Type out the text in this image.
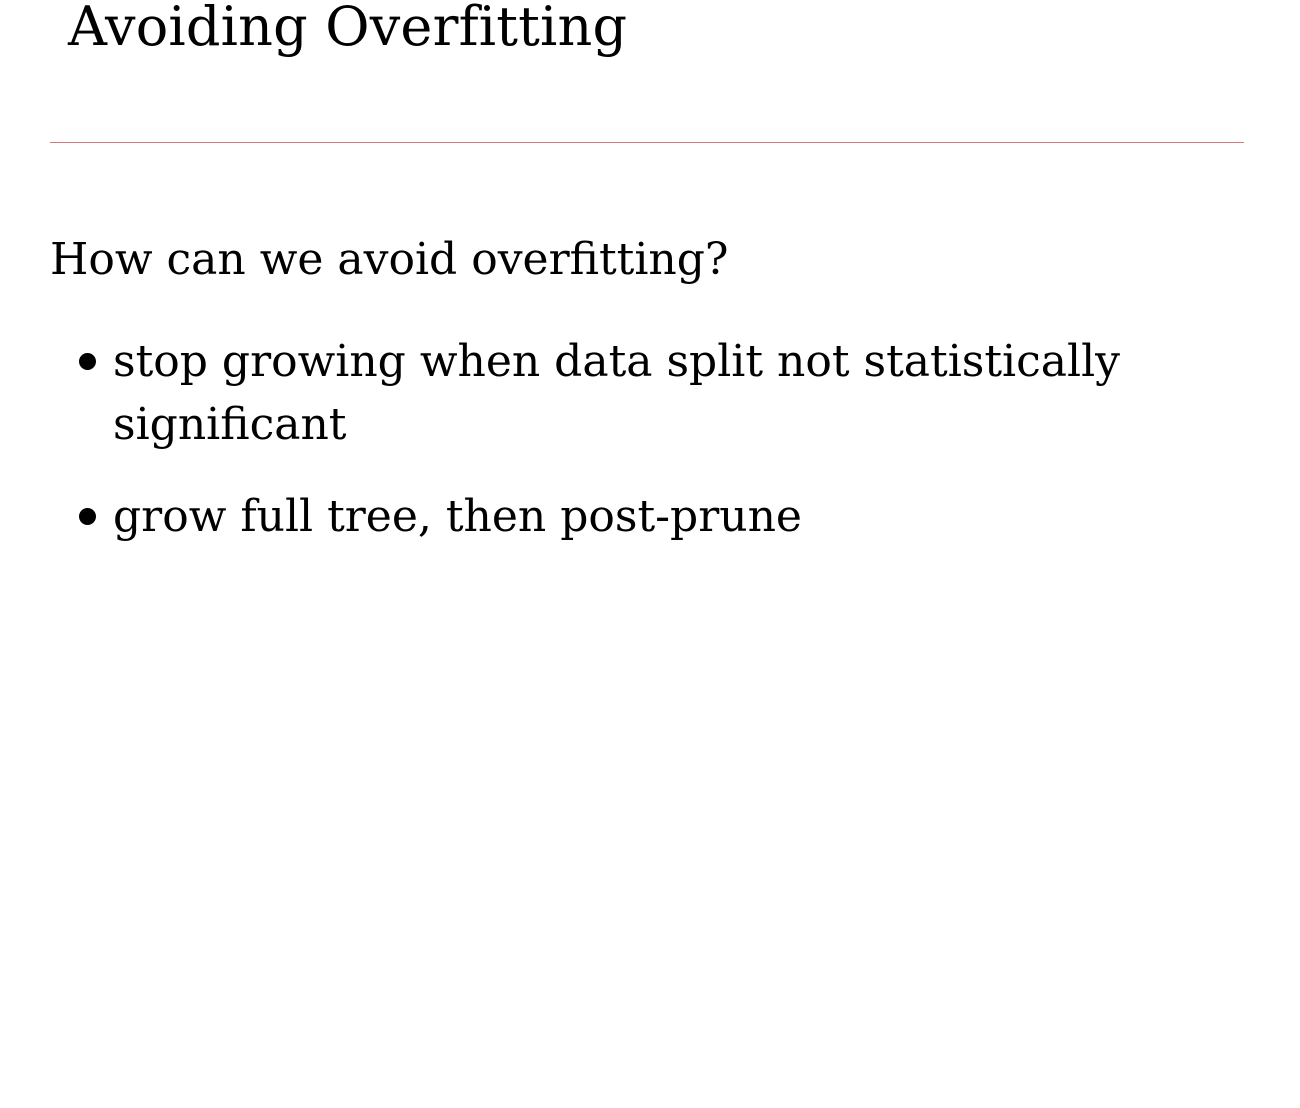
Avoiding Overfitting

How can we avoid overfitting?

stop growing when data split not statistically significant
grow full tree, then post-prune
